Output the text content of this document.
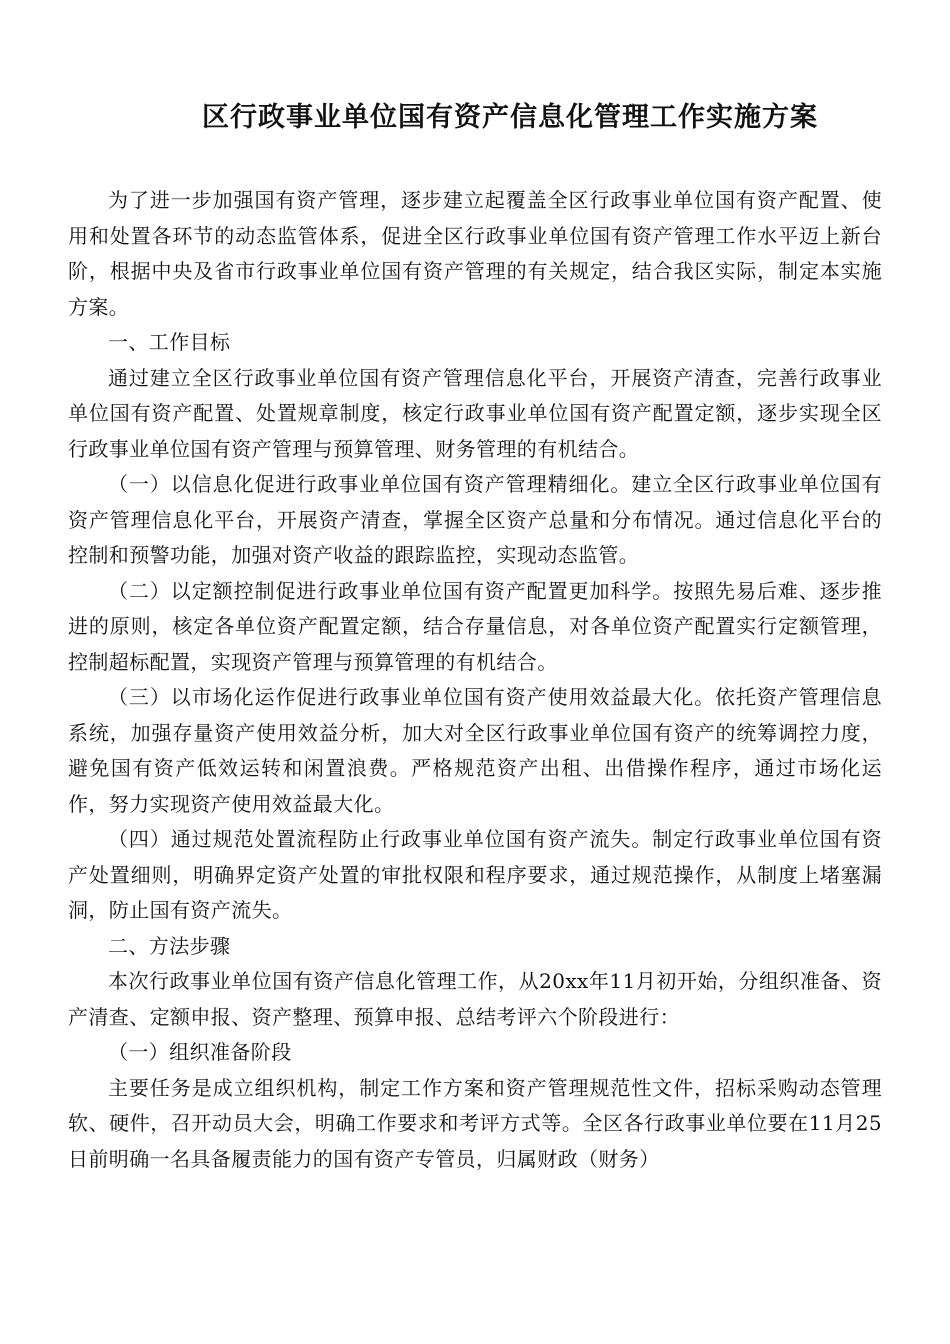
区行政事业单位国有资产信息化管理工作实施方案

为了进一步加强国有资产管理，逐步建立起覆盖全区行政事业单位国有资产配置、使用和处置各环节的动态监管体系，促进全区行政事业单位国有资产管理工作水平迈上新台阶，根据中央及省市行政事业单位国有资产管理的有关规定，结合我区实际，制定本实施方案。

一、工作目标

通过建立全区行政事业单位国有资产管理信息化平台，开展资产清查，完善行政事业单位国有资产配置、处置规章制度，核定行政事业单位国有资产配置定额，逐步实现全区行政事业单位国有资产管理与预算管理、财务管理的有机结合。

（一）以信息化促进行政事业单位国有资产管理精细化。建立全区行政事业单位国有资产管理信息化平台，开展资产清查，掌握全区资产总量和分布情况。通过信息化平台的控制和预警功能，加强对资产收益的跟踪监控，实现动态监管。

（二）以定额控制促进行政事业单位国有资产配置更加科学。按照先易后难、逐步推进的原则，核定各单位资产配置定额，结合存量信息，对各单位资产配置实行定额管理，控制超标配置，实现资产管理与预算管理的有机结合。

（三）以市场化运作促进行政事业单位国有资产使用效益最大化。依托资产管理信息系统，加强存量资产使用效益分析，加大对全区行政事业单位国有资产的统筹调控力度，避免国有资产低效运转和闲置浪费。严格规范资产出租、出借操作程序，通过市场化运作，努力实现资产使用效益最大化。

（四）通过规范处置流程防止行政事业单位国有资产流失。制定行政事业单位国有资产处置细则，明确界定资产处置的审批权限和程序要求，通过规范操作，从制度上堵塞漏洞，防止国有资产流失。

二、方法步骤

本次行政事业单位国有资产信息化管理工作，从20xx年11月初开始，分组织准备、资产清查、定额申报、资产整理、预算申报、总结考评六个阶段进行：

（一）组织准备阶段

主要任务是成立组织机构，制定工作方案和资产管理规范性文件，招标采购动态管理软、硬件，召开动员大会，明确工作要求和考评方式等。全区各行政事业单位要在11月25日前明确一名具备履责能力的国有资产专管员，归属财政（财务）
